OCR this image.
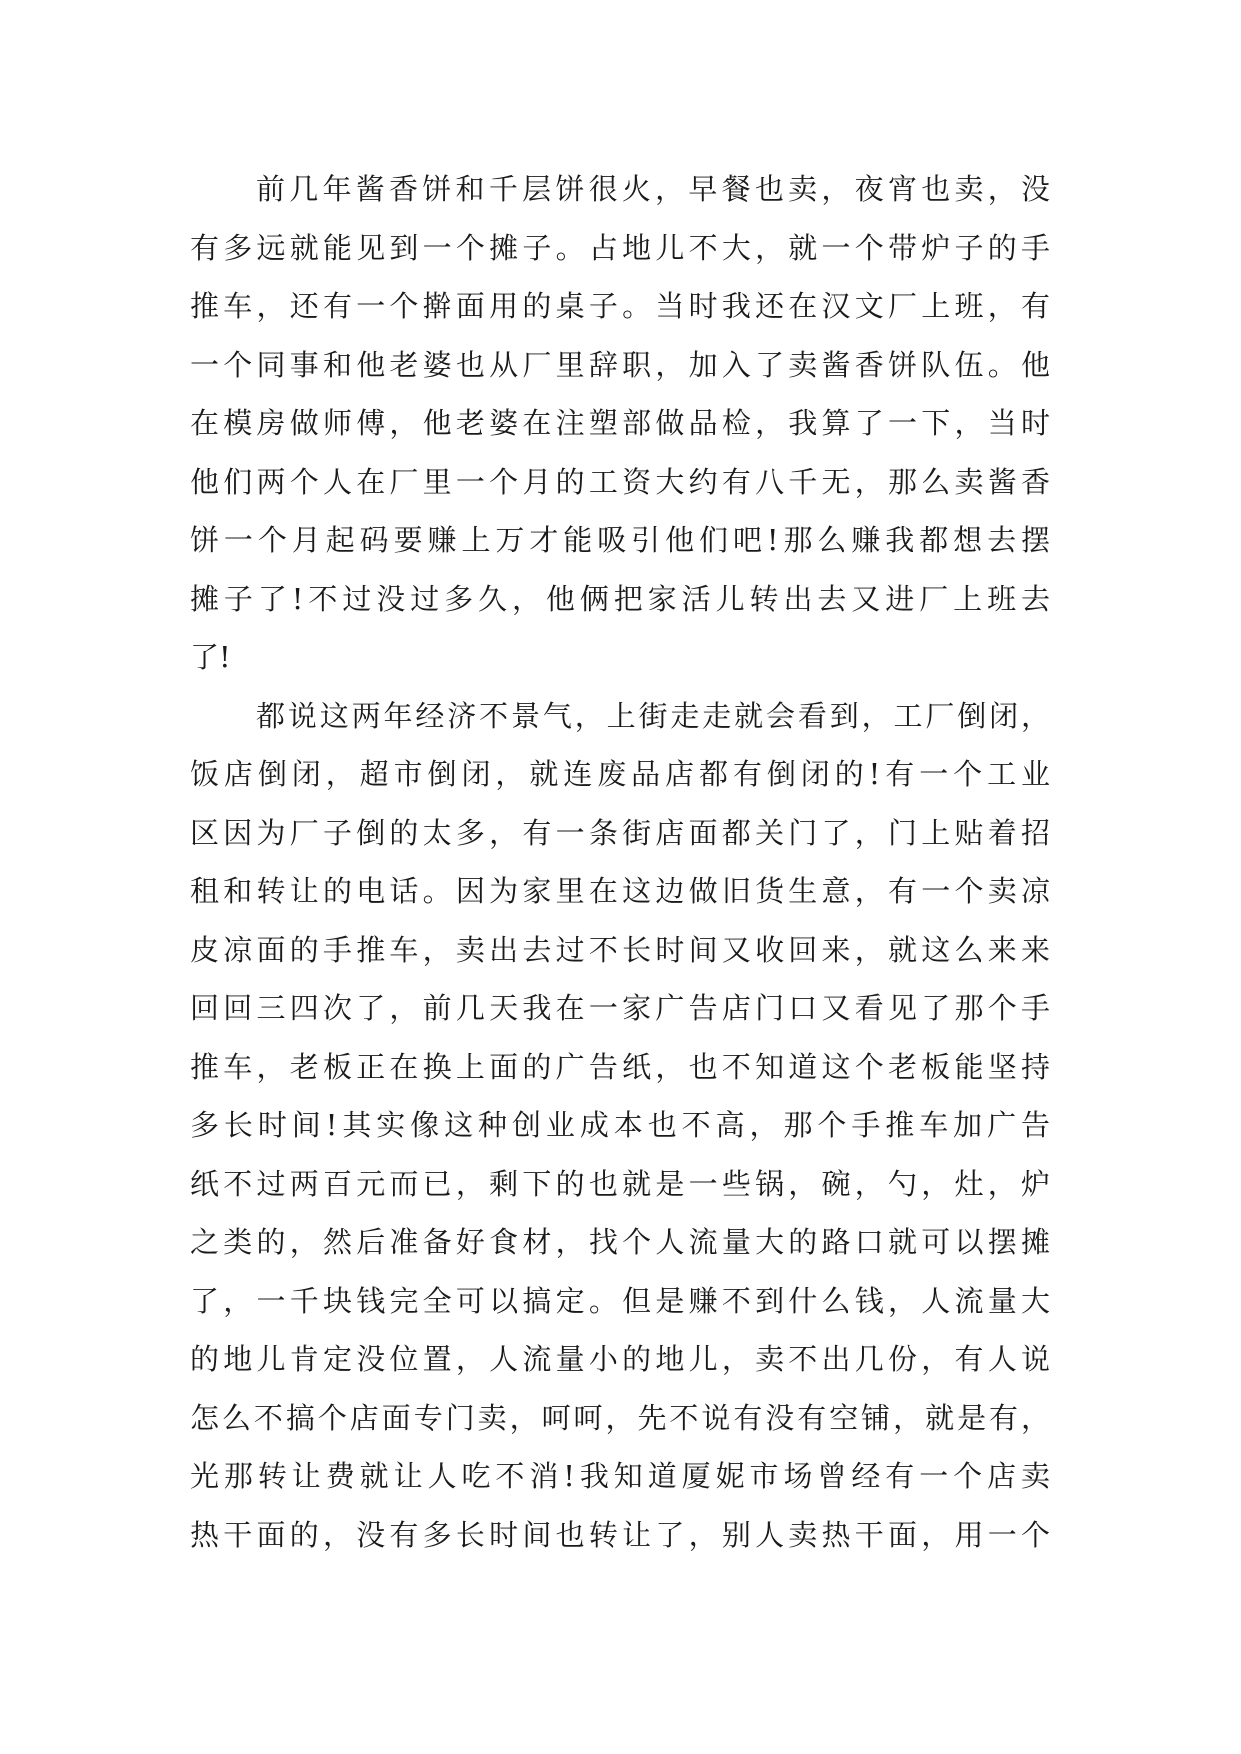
前几年酱香饼和千层饼很火，早餐也卖，夜宵也卖，没
有多远就能见到一个摊子。占地儿不大，就一个带炉子的手
推车，还有一个擀面用的桌子。当时我还在汉文厂上班，有
一个同事和他老婆也从厂里辞职，加入了卖酱香饼队伍。他
在模房做师傅，他老婆在注塑部做品检，我算了一下，当时
他们两个人在厂里一个月的工资大约有八千无，那么卖酱香
饼一个月起码要赚上万才能吸引他们吧!那么赚我都想去摆
摊子了!不过没过多久，他俩把家活儿转出去又进厂上班去
了!
都说这两年经济不景气，上街走走就会看到，工厂倒闭，
饭店倒闭，超市倒闭，就连废品店都有倒闭的!有一个工业
区因为厂子倒的太多，有一条街店面都关门了，门上贴着招
租和转让的电话。因为家里在这边做旧货生意，有一个卖凉
皮凉面的手推车，卖出去过不长时间又收回来，就这么来来
回回三四次了，前几天我在一家广告店门口又看见了那个手
推车，老板正在换上面的广告纸，也不知道这个老板能坚持
多长时间!其实像这种创业成本也不高，那个手推车加广告
纸不过两百元而已，剩下的也就是一些锅，碗，勺，灶，炉
之类的，然后准备好食材，找个人流量大的路口就可以摆摊
了，一千块钱完全可以搞定。但是赚不到什么钱，人流量大
的地儿肯定没位置，人流量小的地儿，卖不出几份，有人说
怎么不搞个店面专门卖，呵呵，先不说有没有空铺，就是有，
光那转让费就让人吃不消!我知道厦妮市场曾经有一个店卖
热干面的，没有多长时间也转让了，别人卖热干面，用一个
